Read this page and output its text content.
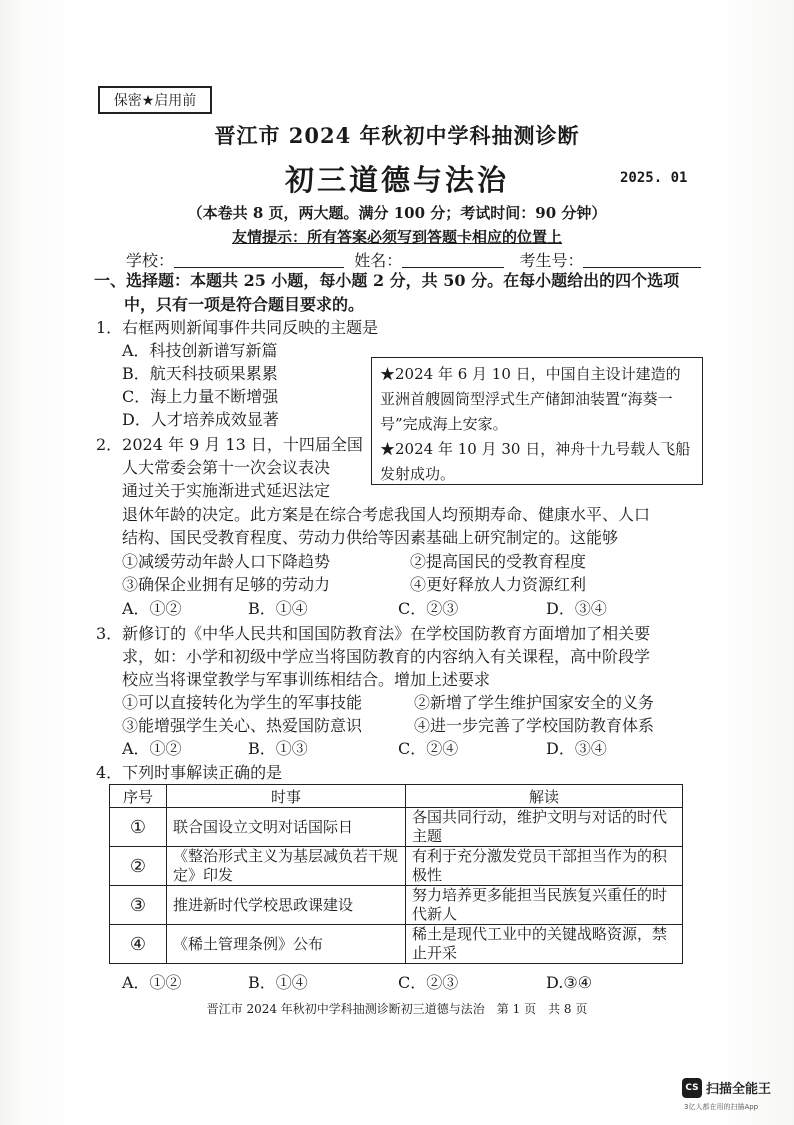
保密★启用前
晋江市 2024 年秋初中学科抽测诊断
初三道德与法治	2025. 01
（本卷共 8 页，两大题。满分 100 分；考试时间：90 分钟）
友情提示：所有答案必须写到答题卡相应的位置上
学校：	姓名：	考生号：
一、选择题：本题共 25 小题，每小题 2 分，共 50 分。在每小题给出的四个选项
中，只有一项是符合题目要求的。
1．右框两则新闻事件共同反映的主题是
A．科技创新谱写新篇
B．航天科技硕果累累
C．海上力量不断增强
D．人才培养成效显著

★2024 年 6 月 10 日，中国自主设计建造的亚洲首艘圆筒型浮式生产储卸油装置“海葵一号”完成海上安家。

★2024 年 10 月 30 日，神舟十九号载人飞船发射成功。

2．2024 年 9 月 13 日，十四届全国
人大常委会第十一次会议表决
通过关于实施渐进式延迟法定
退休年龄的决定。此方案是在综合考虑我国人均预期寿命、健康水平、人口
结构、国民受教育程度、劳动力供给等因素基础上研究制定的。这能够
①减缓劳动年龄人口下降趋势	②提高国民的受教育程度
③确保企业拥有足够的劳动力	④更好释放人力资源红利
A．①②	B．①④	C．②③	D．③④
3．新修订的《中华人民共和国国防教育法》在学校国防教育方面增加了相关要
求，如：小学和初级中学应当将国防教育的内容纳入有关课程，高中阶段学
校应当将课堂教学与军事训练相结合。增加上述要求
①可以直接转化为学生的军事技能	②新增了学生维护国家安全的义务
③能增强学生关心、热爱国防意识	④进一步完善了学校国防教育体系
A．①②	B．①③	C．②④	D．③④
4．下列时事解读正确的是
序号	时事	解读
①	联合国设立文明对话国际日	各国共同行动，维护文明与对话的时代主题
②	《整治形式主义为基层减负若干规定》印发	有利于充分激发党员干部担当作为的积极性
③	推进新时代学校思政课建设	努力培养更多能担当民族复兴重任的时代新人
④	《稀土管理条例》公布	稀土是现代工业中的关键战略资源，禁止开采
A．①②	B．①④	C．②③	D.③④
晋江市 2024 年秋初中学科抽测诊断初三道德与法治　第 1 页　共 8 页
CS 扫描全能王
3亿人都在用的扫描App
